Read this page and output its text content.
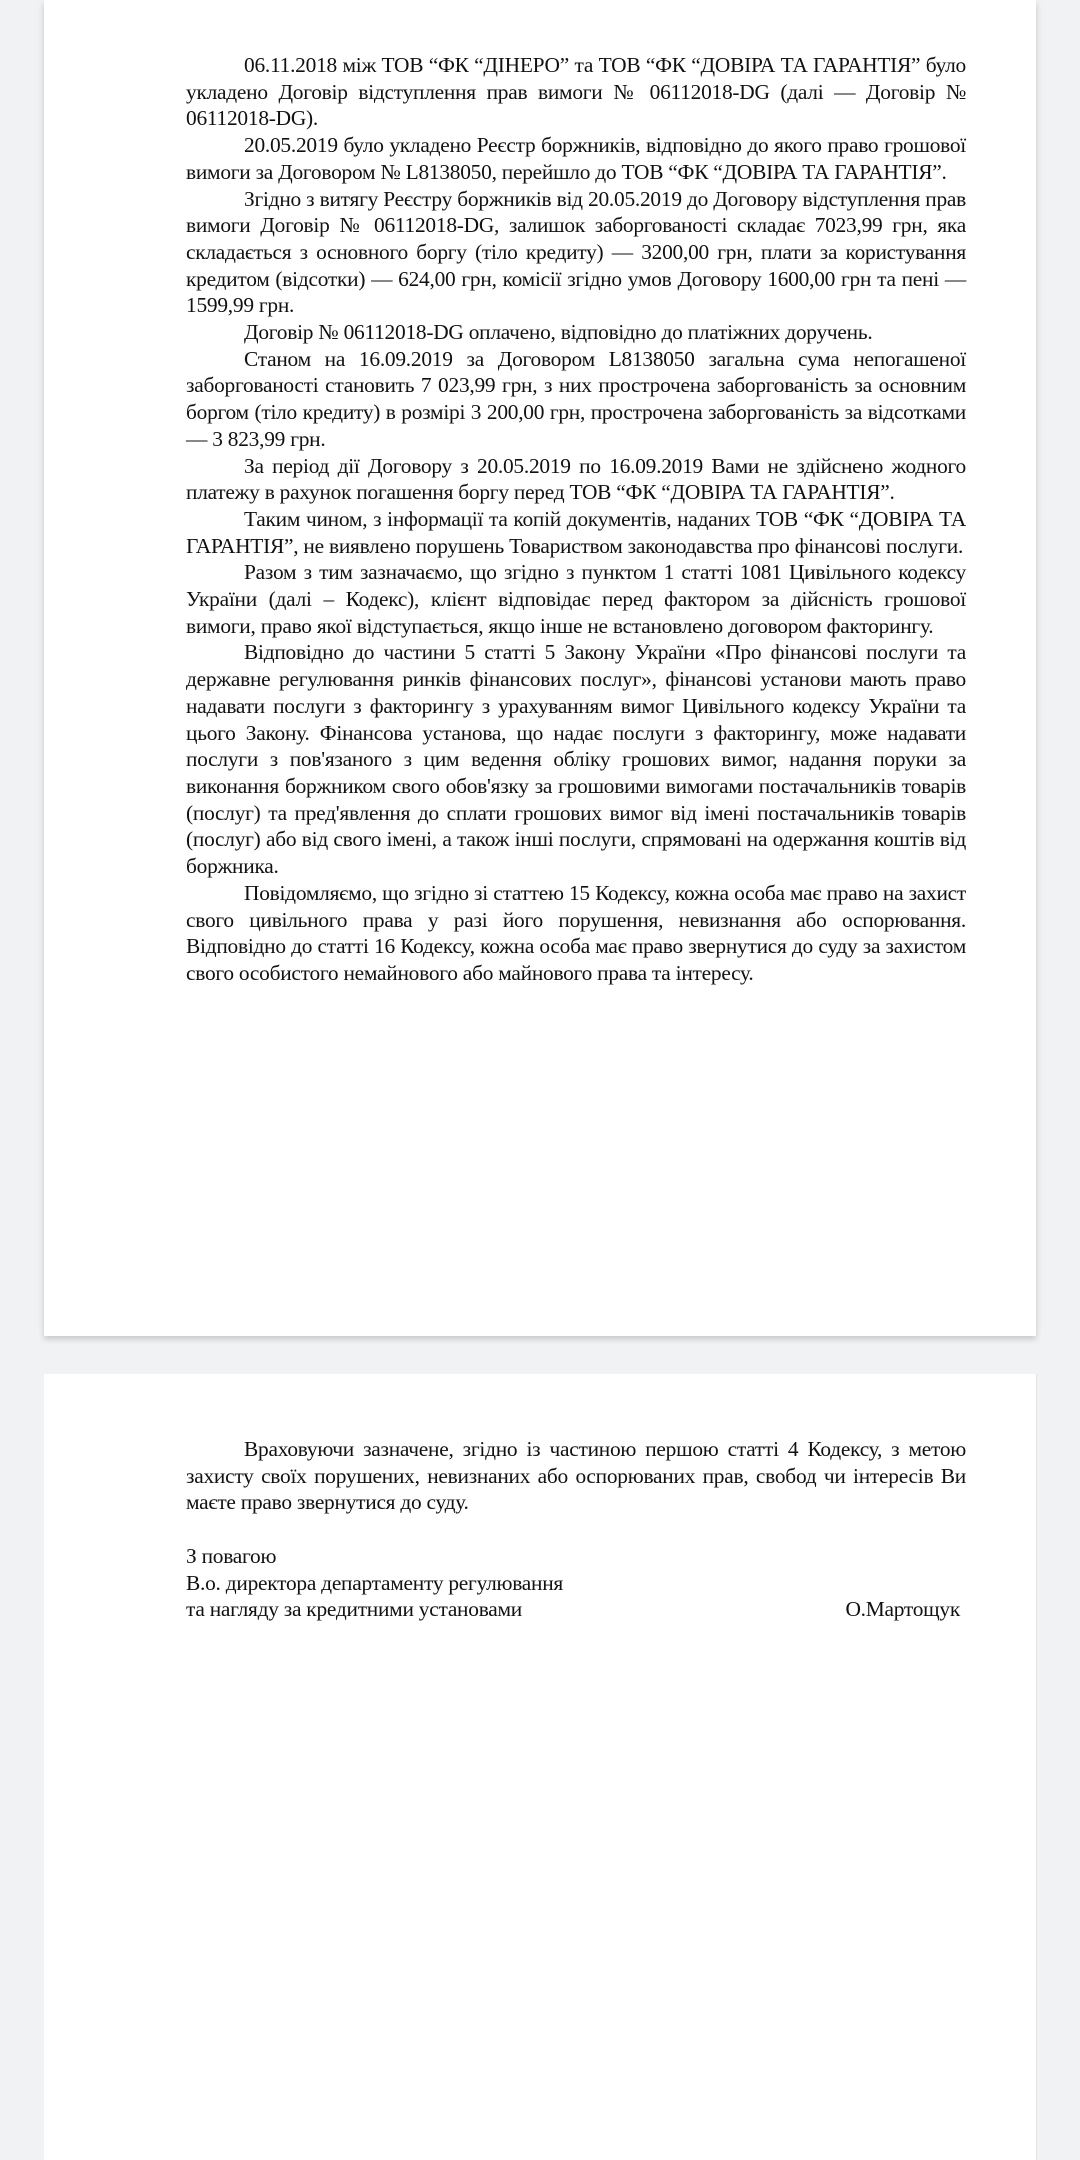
06.11.2018 між ТОВ “ФК “ДІНЕРО” та ТОВ “ФК “ДОВІРА ТА ГАРАНТІЯ” було укладено Договір відступлення прав вимоги № 06112018-DG (далі — Договір № 06112018-DG).

20.05.2019 було укладено Реєстр боржників, відповідно до якого право грошової вимоги за Договором № L8138050, перейшло до ТОВ “ФК “ДОВІРА ТА ГАРАНТІЯ”.

Згідно з витягу Реєстру боржників від 20.05.2019 до Договору відступлення прав вимоги Договір № 06112018-DG, залишок заборгованості складає 7023,99 грн, яка складається з основного боргу (тіло кредиту) — 3200,00 грн, плати за користування кредитом (відсотки) — 624,00 грн, комісії згідно умов Договору 1600,00 грн та пені — 1599,99 грн.

Договір № 06112018-DG оплачено, відповідно до платіжних доручень.

Станом на 16.09.2019 за Договором L8138050 загальна сума непогашеної заборгованості становить 7 023,99 грн, з них прострочена заборгованість за основним боргом (тіло кредиту) в розмірі 3 200,00 грн, прострочена заборгованість за відсотками — 3 823,99 грн.

За період дії Договору з 20.05.2019 по 16.09.2019 Вами не здійснено жодного платежу в рахунок погашення боргу перед ТОВ “ФК “ДОВІРА ТА ГАРАНТІЯ”.

Таким чином, з інформації та копій документів, наданих ТОВ “ФК “ДОВІРА ТА ГАРАНТІЯ”, не виявлено порушень Товариством законодавства про фінансові послуги.

Разом з тим зазначаємо, що згідно з пунктом 1 статті 1081 Цивільного кодексу України (далі – Кодекс), клієнт відповідає перед фактором за дійсність грошової вимоги, право якої відступається, якщо інше не встановлено договором факторингу.

Відповідно до частини 5 статті 5 Закону України «Про фінансові послуги та державне регулювання ринків фінансових послуг», фінансові установи мають право надавати послуги з факторингу з урахуванням вимог Цивільного кодексу України та цього Закону. Фінансова установа, що надає послуги з факторингу, може надавати послуги з пов'язаного з цим ведення обліку грошових вимог, надання поруки за виконання боржником свого обов'язку за грошовими вимогами постачальників товарів (послуг) та пред'явлення до сплати грошових вимог від імені постачальників товарів (послуг) або від свого імені, а також інші послуги, спрямовані на одержання коштів від боржника.

Повідомляємо, що згідно зі статтею 15 Кодексу, кожна особа має право на захист свого цивільного права у разі його порушення, невизнання або оспорювання. Відповідно до статті 16 Кодексу, кожна особа має право звернутися до суду за захистом свого особистого немайнового або майнового права та інтересу.

Враховуючи зазначене, згідно із частиною першою статті 4 Кодексу, з метою захисту своїх порушених, невизнаних або оспорюваних прав, свобод чи інтересів Ви маєте право звернутися до суду.

З повагою

В.о. директора департаменту регулювання

та нагляду за кредитними установами	О.Мартощук
